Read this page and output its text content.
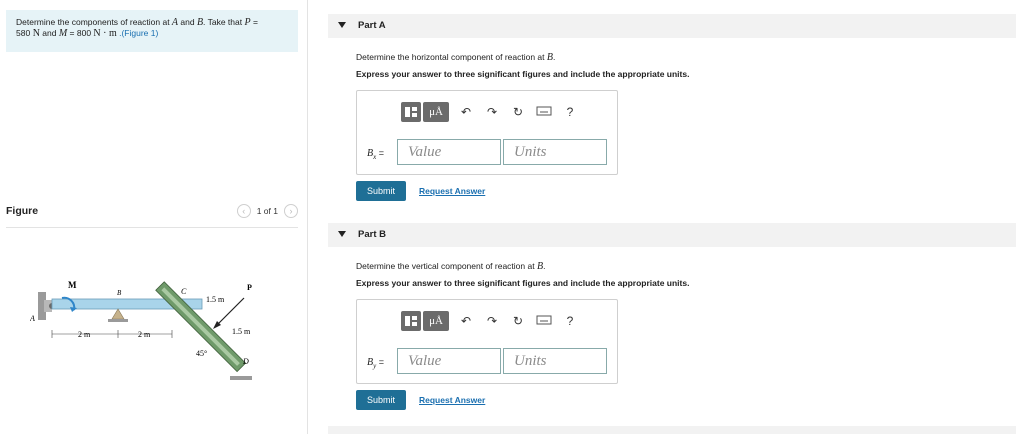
Determine the components of reaction at A and B. Take that P =
580 N and M = 800 N · m .(Figure 1)
Figure	‹	1 of 1	›
M
B	C	P
A
D
1.5 m
1.5 m
2 m	2 m
45°
Part A
Determine the horizontal component of reaction at B.
Express your answer to three significant figures and include the appropriate units.
μÅ	↶	↷	↻	?
$B_x$ =
Value
Units
Submit	Request Answer
Part B
Determine the vertical component of reaction at B.
Express your answer to three significant figures and include the appropriate units.
μÅ	↶	↷	↻	?
$B_y$ =
Value
Units
Submit	Request Answer
